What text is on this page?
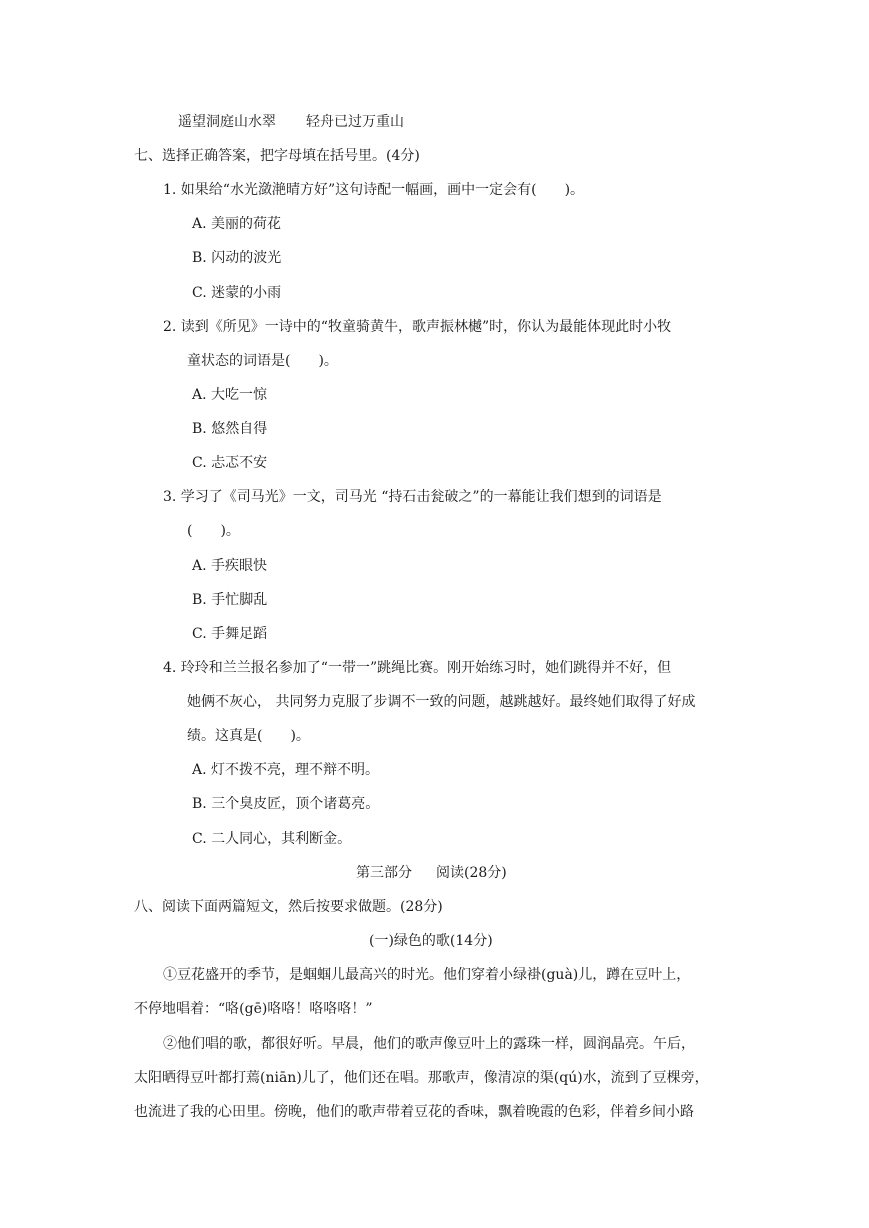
遥望洞庭山水翠 轻舟已过万重山
七、选择正确答案，把字母填在括号里。(4分)
1. 如果给“水光潋滟晴方好”这句诗配一幅画，画中一定会有(　　)。
A. 美丽的荷花
B. 闪动的波光
C. 迷蒙的小雨
2. 读到《所见》一诗中的“牧童骑黄牛，歌声振林樾”时，你认为最能体现此时小牧
童状态的词语是(　　)。
A. 大吃一惊
B. 悠然自得
C. 忐忑不安
3. 学习了《司马光》一文，司马光 “持石击瓮破之”的一幕能让我们想到的词语是
(　　)。
A. 手疾眼快
B. 手忙脚乱
C. 手舞足蹈
4. 玲玲和兰兰报名参加了“一带一”跳绳比赛。刚开始练习时，她们跳得并不好，但
她俩不灰心， 共同努力克服了步调不一致的问题，越跳越好。最终她们取得了好成
绩。这真是(　　)。
A. 灯不拨不亮，理不辩不明。
B. 三个臭皮匠，顶个诸葛亮。
C. 二人同心，其利断金。
第三部分 阅读(28分)
八、阅读下面两篇短文，然后按要求做题。(28分)
(一)绿色的歌(14分)
①豆花盛开的季节，是蝈蝈儿最高兴的时光。他们穿着小绿褂(guà)儿，蹲在豆叶上，
不停地唱着：“咯(gē)咯咯！咯咯咯！”
②他们唱的歌，都很好听。早晨，他们的歌声像豆叶上的露珠一样，圆润晶亮。午后，
太阳晒得豆叶都打蔫(niān)儿了，他们还在唱。那歌声，像清凉的渠(qú)水，流到了豆棵旁，
也流进了我的心田里。傍晚，他们的歌声带着豆花的香味，飘着晚霞的色彩，伴着乡间小路
